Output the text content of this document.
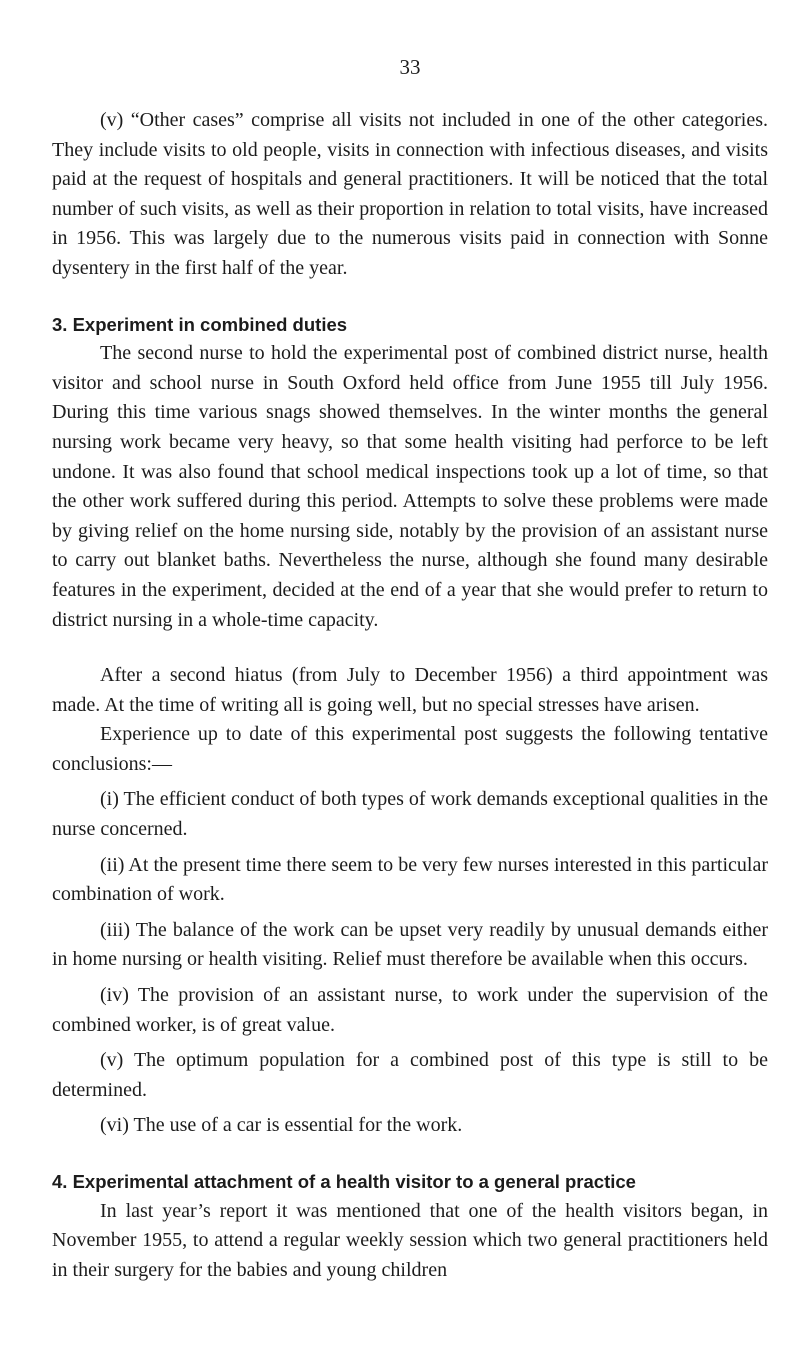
33

(v) “Other cases” comprise all visits not included in one of the other categories. They include visits to old people, visits in connection with infectious diseases, and visits paid at the request of hospitals and general practitioners. It will be noticed that the total number of such visits, as well as their proportion in relation to total visits, have increased in 1956. This was largely due to the numerous visits paid in connection with Sonne dysentery in the first half of the year.

3. Experiment in combined duties

The second nurse to hold the experimental post of combined district nurse, health visitor and school nurse in South Oxford held office from June 1955 till July 1956. During this time various snags showed themselves. In the winter months the general nursing work became very heavy, so that some health visiting had perforce to be left undone. It was also found that school medical inspections took up a lot of time, so that the other work suffered during this period. Attempts to solve these problems were made by giving relief on the home nursing side, notably by the provision of an assistant nurse to carry out blanket baths. Nevertheless the nurse, although she found many desirable features in the experiment, decided at the end of a year that she would prefer to return to district nursing in a whole-time capacity.

After a second hiatus (from July to December 1956) a third appointment was made. At the time of writing all is going well, but no special stresses have arisen.

Experience up to date of this experimental post suggests the following tentative conclusions:—

(i) The efficient conduct of both types of work demands exceptional qualities in the nurse concerned.

(ii) At the present time there seem to be very few nurses interested in this particular combination of work.

(iii) The balance of the work can be upset very readily by unusual demands either in home nursing or health visiting. Relief must therefore be available when this occurs.

(iv) The provision of an assistant nurse, to work under the supervision of the combined worker, is of great value.

(v) The optimum population for a combined post of this type is still to be determined.

(vi) The use of a car is essential for the work.

4. Experimental attachment of a health visitor to a general practice

In last year’s report it was mentioned that one of the health visitors began, in November 1955, to attend a regular weekly session which two general practitioners held in their surgery for the babies and young children
